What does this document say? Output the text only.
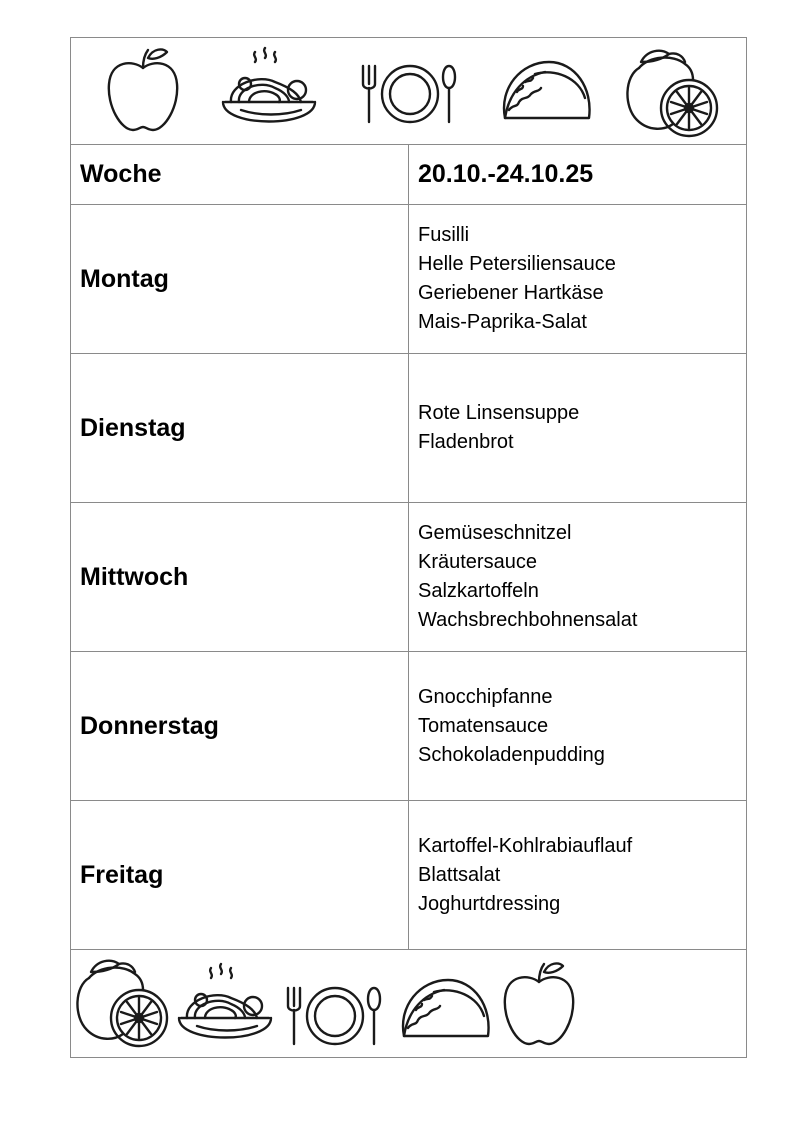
Woche	20.10.-24.10.25
Montag
Fusilli
Helle Petersiliensauce
Geriebener Hartkäse
Mais-Paprika-Salat
Dienstag
Rote Linsensuppe
Fladenbrot
Mittwoch
Gemüseschnitzel
Kräutersauce
Salzkartoffeln
Wachsbrechbohnensalat
Donnerstag
Gnocchipfanne
Tomatensauce
Schokoladenpudding
Freitag
Kartoffel-Kohlrabiauflauf
Blattsalat
Joghurtdressing
